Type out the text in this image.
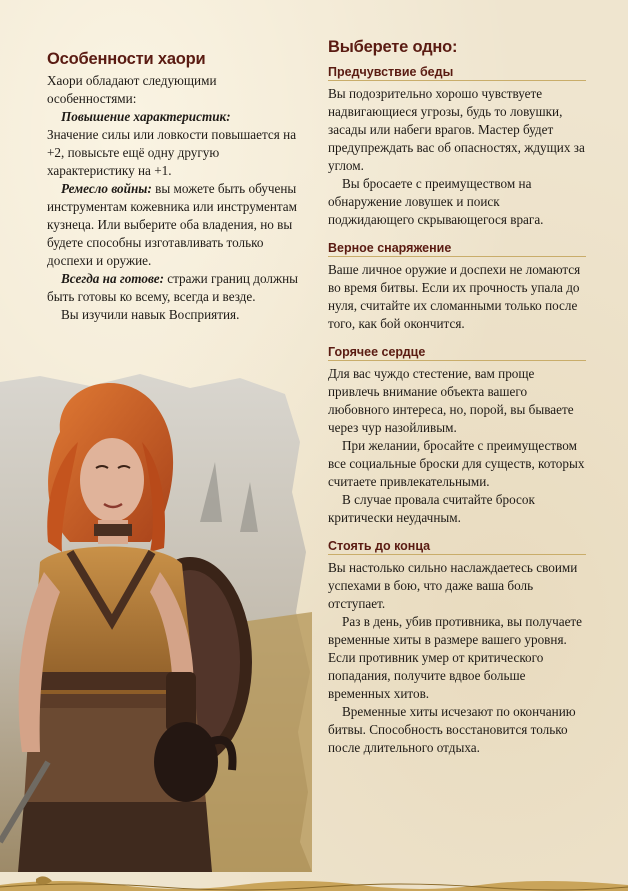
Особенности хаори

Хаори обладают следующими особенностями:

Повышение характеристик:

Значение силы или ловкости повышается на +2, повысьте ещё одну другую характеристику на +1.

Ремесло войны: вы можете быть обучены инструментам кожевника или инструментам кузнеца. Или выберите оба владения, но вы будете способны изготавливать только доспехи и оружие.

Всегда на готове: стражи границ должны быть готовы ко всему, всегда и везде.

Вы изучили навык Восприятия.

Выберете одно:
Предчувствие беды

Вы подозрительно хорошо чувствуете надвигающиеся угрозы, будь то ловушки, засады или набеги врагов. Мастер будет предупреждать вас об опасностях, ждущих за углом.

Вы бросаете с преимуществом на обнаружение ловушек и поиск поджидающего скрывающегося врага.

Верное снаряжение

Ваше личное оружие и доспехи не ломаются во время битвы. Если их прочность упала до нуля, считайте их сломанными только после того, как бой окончится.

Горячее сердце

Для вас чуждо стестение, вам проще привлечь внимание объекта вашего любовного интереса, но, порой, вы бываете через чур назойливым.

При желании, бросайте с преимуществом все социальные броски для существ, которых считаете привлекательными.

В случае провала считайте бросок критически неудачным.

Стоять до конца

Вы настолько сильно наслаждаетесь своими успехами в бою, что даже ваша боль отступает.

Раз в день, убив противника, вы получаете временные хиты в размере вашего уровня. Если противник умер от критического попадания, получите вдвое больше временных хитов.

Временные хиты исчезают по окончанию битвы. Способность восстановится только после длительного отдыха.
